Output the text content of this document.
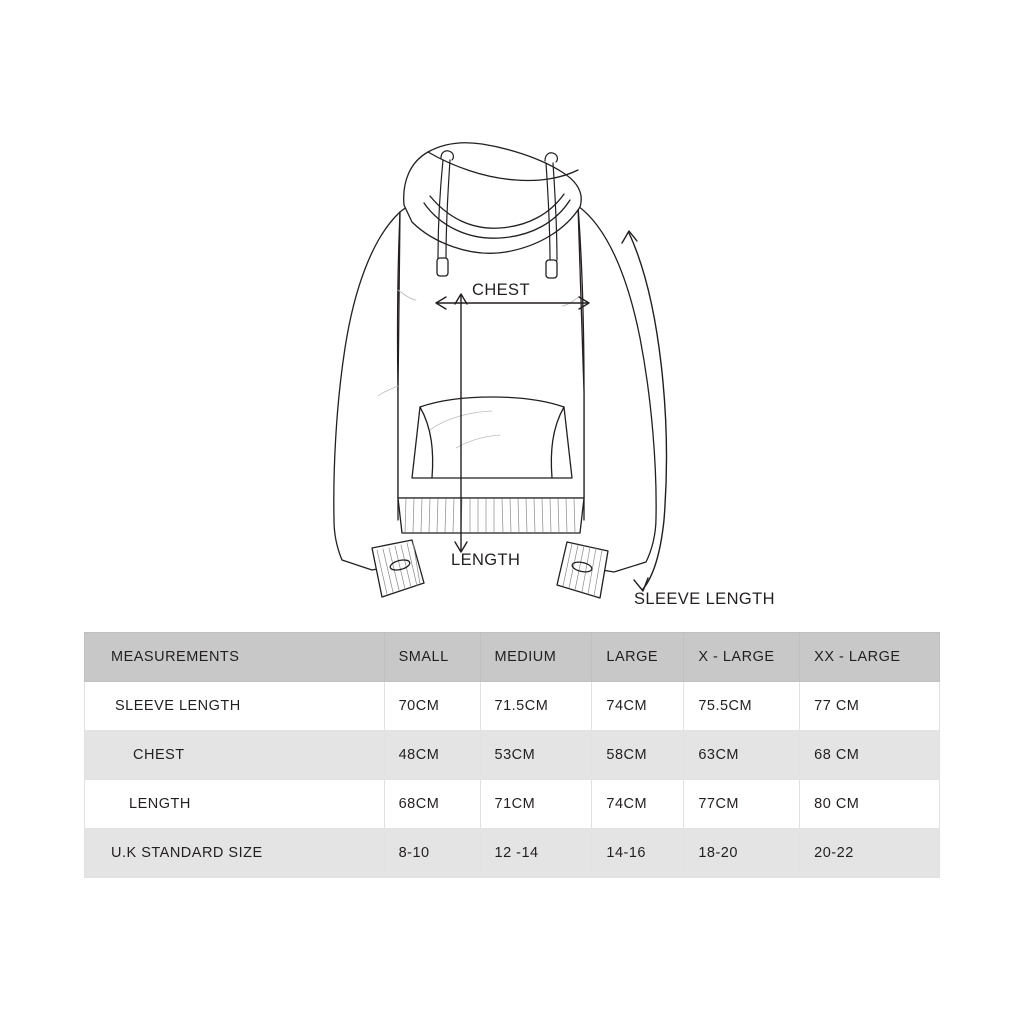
CHEST
LENGTH
SLEEVE LENGTH
MEASUREMENTS	SMALL	MEDIUM	LARGE	X - LARGE	XX - LARGE
SLEEVE LENGTH	70CM	71.5CM	74CM	75.5CM	77 CM
CHEST	48CM	53CM	58CM	63CM	68 CM
LENGTH	68CM	71CM	74CM	77CM	80 CM
U.K STANDARD SIZE	8-10	12 -14	14-16	18-20	20-22
